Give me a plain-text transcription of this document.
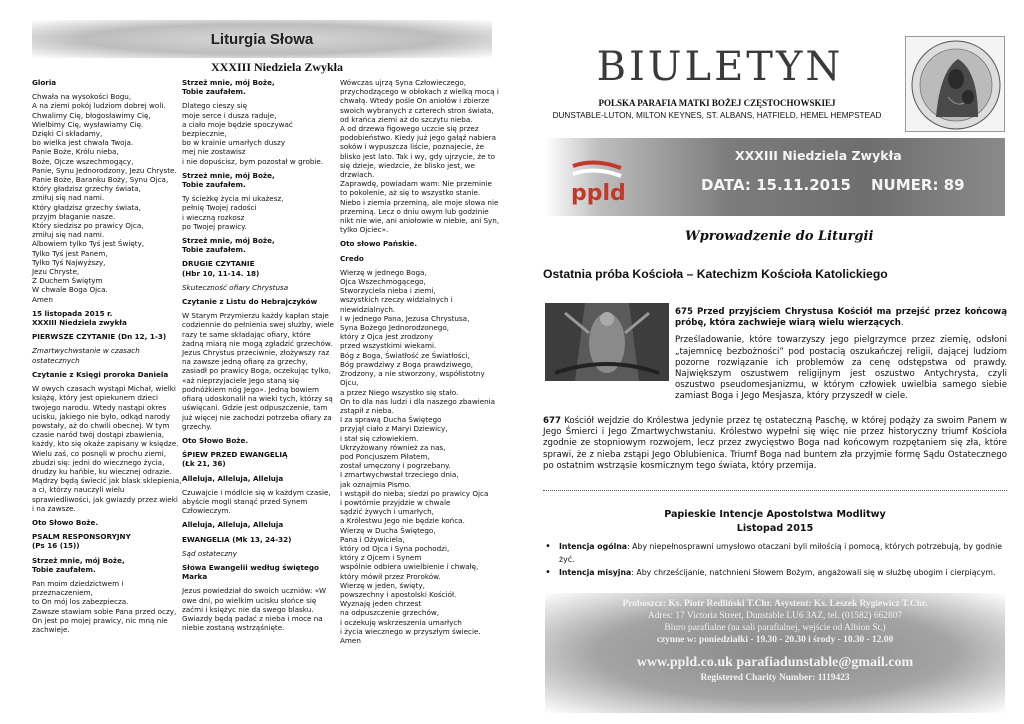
Liturgia Słowa
XXXIII Niedziela Zwykła

Gloria

Chwała na wysokości Bogu,
A na ziemi pokój ludziom dobrej woli.
Chwalimy Cię, błogosławimy Cię,
Wielbimy Cię, wysławiamy Cię.
Dzięki Ci składamy,
bo wielka jest chwała Twoja.
Panie Boże, Królu nieba,
Boże, Ojcze wszechmogący,
Panie, Synu Jednorodzony, Jezu Chryste.
Panie Boże, Baranku Boży, Synu Ojca,
Który gładzisz grzechy świata,
zmiłuj się nad nami.
Który gładzisz grzechy świata,
przyjm błaganie nasze.
Który siedzisz po prawicy Ojca,
zmiłuj się nad nami.
Albowiem tylko Tyś jest Święty,
Tylko Tyś jest Panem,
Tylko Tyś Najwyższy,
Jezu Chryste,
Z Duchem Świętym
W chwale Boga Ojca.
Amen

15 listopada 2015 r.
XXXIII Niedziela zwykła

PIERWSZE CZYTANIE (Dn 12, 1-3)

Zmartwychwstanie w czasach ostatecznych

Czytanie z Księgi proroka Daniela

W owych czasach wystąpi Michał, wielki książę, który jest opiekunem dzieci twojego narodu. Wtedy nastąpi okres ucisku, jakiego nie było, odkąd narody powstały, aż do chwili obecnej. W tym czasie naród twój dostąpi zbawienia, każdy, kto się okaże zapisany w księdze. Wielu zaś, co posnęli w prochu ziemi, zbudzi się: jedni do wiecznego życia, drudzy ku hańbie, ku wiecznej odrazie. Mądrzy będą świecić jak blask sklepienia, a ci, którzy nauczyli wielu sprawiedliwości, jak gwiazdy przez wieki i na zawsze.

Oto Słowo Boże.

PSALM RESPONSORYJNY
(Ps 16 (15))

Strzeż mnie, mój Boże,
Tobie zaufałem.

Pan moim dziedzictwem i przeznaczeniem,
to On mój los zabezpiecza.
Zawsze stawiam sobie Pana przed oczy,
On jest po mojej prawicy, nic mną nie zachwieje.

Strzeż mnie, mój Boże,
Tobie zaufałem.

Dlatego cieszy się
moje serce i dusza raduje,
a ciało moje będzie spoczywać bezpiecznie,
bo w krainie umarłych duszy
mej nie zostawisz
i nie dopuścisz, bym pozostał w grobie.

Strzeż mnie, mój Boże,
Tobie zaufałem.

Ty ścieżkę życia mi ukażesz,
pełnię Twojej radości
i wieczną rozkosz
po Twojej prawicy.

Strzeż mnie, mój Boże,
Tobie zaufałem.

DRUGIE CZYTANIE
(Hbr 10, 11-14. 18)

Skuteczność ofiary Chrystusa

Czytanie z Listu do Hebrajczyków

W Starym Przymierzu każdy kapłan staje codziennie do pełnienia swej służby, wiele razy te same składając ofiary, które żadną miarą nie mogą zgładzić grzechów. Jezus Chrystus przeciwnie, złożywszy raz na zawsze jedną ofiarę za grzechy, zasiadł po prawicy Boga, oczekując tylko, «aż nieprzyjaciele Jego staną się podnóżkiem nóg Jego». Jedną bowiem ofiarą udoskonalił na wieki tych, którzy są uświęcani. Gdzie jest odpuszczenie, tam już więcej nie zachodzi potrzeba ofiary za grzechy.

Oto Słowo Boże.

ŚPIEW PRZED EWANGELIĄ
(Łk 21, 36)

Alleluja, Alleluja, Alleluja

Czuwajcie i módlcie się w każdym czasie, abyście mogli stanąć przed Synem Człowieczym.

Alleluja, Alleluja, Alleluja

EWANGELIA (Mk 13, 24-32)

Sąd ostateczny

Słowa Ewangelii według świętego Marka

Jezus powiedział do swoich uczniów: «W owe dni, po wielkim ucisku słońce się zaćmi i księżyc nie da swego blasku. Gwiazdy będą padać z nieba i moce na niebie zostaną wstrząśnięte.

Wówczas ujrzą Syna Człowieczego, przychodzącego w obłokach z wielką mocą i chwałą. Wtedy pośle On aniołów i zbierze swoich wybranych z czterech stron świata, od krańca ziemi aż do szczytu nieba.
A od drzewa figowego uczcie się przez podobieństwo. Kiedy już jego gałąź nabiera soków i wypuszcza liście, poznajecie, że blisko jest lato. Tak i wy, gdy ujrzycie, że to się dzieje, wiedzcie, że blisko jest, we drzwiach.
Zaprawdę, powiadam wam: Nie przeminie to pokolenie, aż się to wszystko stanie. Niebo i ziemia przeminą, ale moje słowa nie przeminą. Lecz o dniu owym lub godzinie nikt nie wie, ani aniołowie w niebie, ani Syn, tylko Ojciec».

Oto słowo Pańskie.

Credo

Wierzę w jednego Boga,
Ojca Wszechmogącego,
Stworzyciela nieba i ziemi,
wszystkich rzeczy widzialnych i niewidzialnych.
I w jednego Pana, Jezusa Chrystusa,
Syna Bożego Jednorodzonego,
który z Ojca jest zrodzony
przed wszystkimi wiekami.
Bóg z Boga, Światłość ze Światłości,
Bóg prawdziwy z Boga prawdziwego,
Zrodzony, a nie stworzony, współistotny Ojcu,
a przez Niego wszystko się stało.
On to dla nas ludzi i dla naszego zbawienia
zstąpił z nieba.
I za sprawą Ducha Świętego
przyjął ciało z Maryi Dziewicy,
i stał się człowiekiem.
Ukrzyżowany również za nas,
pod Poncjuszem Piłatem,
został umęczony i pogrzebany.
I zmartwychwstał trzeciego dnia,
jak oznajmia Pismo.
I wstąpił do nieba; siedzi po prawicy Ojca
i powtórnie przyjdzie w chwale
sądzić żywych i umarłych,
a Królestwu Jego nie będzie końca.
Wierzę w Ducha Świętego,
Pana i Ożywiciela,
który od Ojca i Syna pochodzi,
który z Ojcem i Synem
wspólnie odbiera uwielbienie i chwałę,
który mówił przez Proroków.
Wierzę w jeden, święty,
powszechny i apostolski Kościół.
Wyznaję jeden chrzest
na odpuszczenie grzechów,
i oczekuję wskrzeszenia umarłych
i życia wiecznego w przyszłym świecie.
Amen

BIULETYN
POLSKA PARAFIA MATKI BOŻEJ CZĘSTOCHOWSKIEJ
DUNSTABLE-LUTON, MILTON KEYNES, ST. ALBANS, HATFIELD, HEMEL HEMPSTEAD
ppld
XXXIII Niedziela Zwykła
DATA: 15.11.2015 NUMER: 89
Wprowadzenie do Liturgii
Ostatnia próba Kościoła – Katechizm Kościoła Katolickiego

675 Przed przyjściem Chrystusa Kościół ma przejść przez końcową próbę, która zachwieje wiarą wielu wierzących.

Prześladowanie, które towarzyszy jego pielgrzymce przez ziemię, odsłoni „tajemnicę bezbożności” pod postacią oszukańczej religii, dającej ludziom pozorne rozwiązanie ich problemów za cenę odstępstwa od prawdy. Największym oszustwem religijnym jest oszustwo Antychrysta, czyli oszustwo pseudomesjanizmu, w którym człowiek uwielbia samego siebie zamiast Boga i Jego Mesjasza, który przyszedł w ciele.

677 Kościół wejdzie do Królestwa jedynie przez tę ostateczną Paschę, w której podąży za swoim Panem w Jego Śmierci i Jego Zmartwychwstaniu. Królestwo wypełni się więc nie przez historyczny triumf Kościoła zgodnie ze stopniowym rozwojem, lecz przez zwycięstwo Boga nad końcowym rozpętaniem się zła, które sprawi, że z nieba zstąpi Jego Oblubienica. Triumf Boga nad buntem zła przyjmie formę Sądu Ostatecznego po ostatnim wstrząsie kosmicznym tego świata, który przemija.
Papieskie Intencje Apostolstwa Modlitwy
Listopad 2015
• Intencja ogólna: Aby niepełnosprawni umysłowo otaczani byli miłością i pomocą, których potrzebują, by godnie żyć.
• Intencja misyjna: Aby chrześcijanie, natchnieni Słowem Bożym, angażowali się w służbę ubogim i cierpiącym.
Proboszcz: Ks. Piotr Redliński T.Chr. Asystent: Ks. Leszek Rygiewicz T.Chr.
Adres: 17 Victoria Street, Dunstable LU6 3AZ, tel. (01582) 662807
Biuro parafialne (na sali parafialnej, wejście od Albion St.)
czynne w: poniedziałki - 19.30 - 20.30 i środy - 10.30 - 12.00
www.ppld.co.uk parafiadunstable@gmail.com
Registered Charity Number: 1119423
